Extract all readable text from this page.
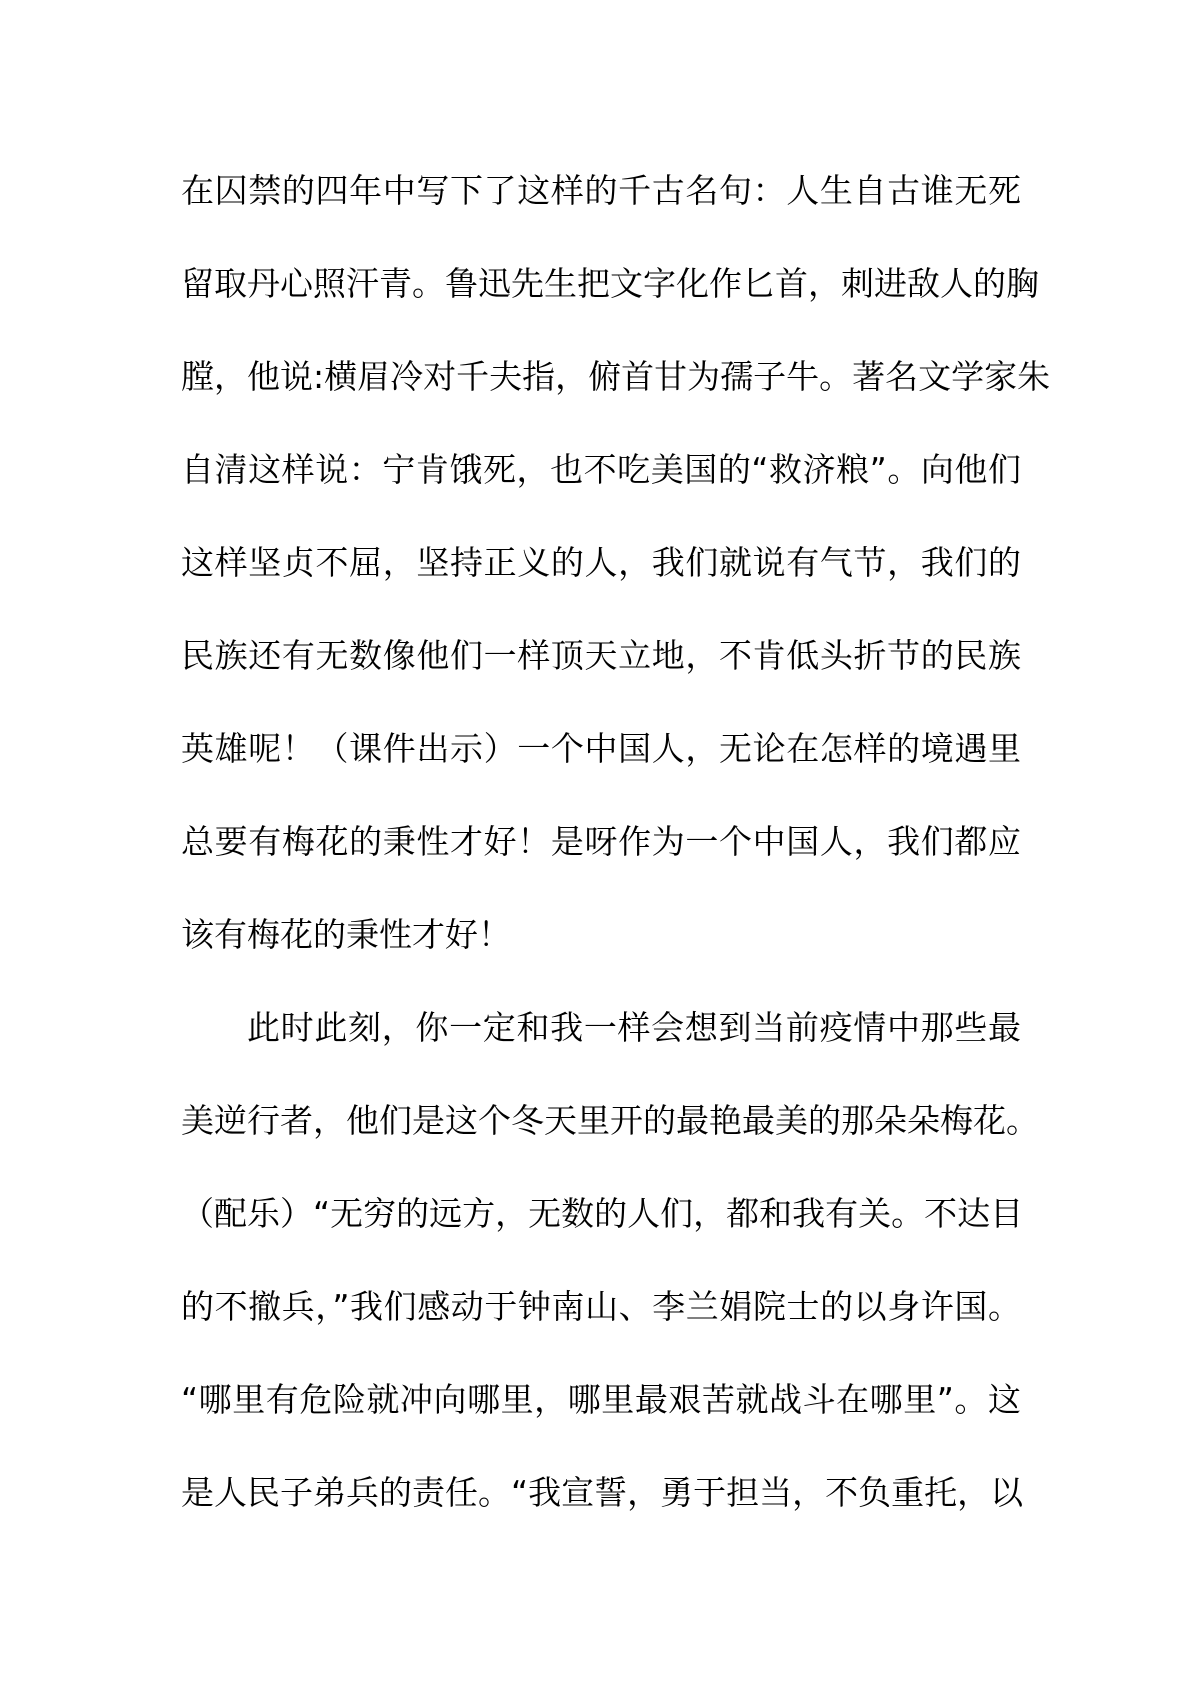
在囚禁的四年中写下了这样的千古名句：人生自古谁无死
留取丹心照汗青。鲁迅先生把文字化作匕首，刺进敌人的胸
膛，他说:横眉冷对千夫指，俯首甘为孺子牛。著名文学家朱
自清这样说：宁肯饿死，也不吃美国的“救济粮”。向他们
这样坚贞不屈，坚持正义的人，我们就说有气节，我们的
民族还有无数像他们一样顶天立地，不肯低头折节的民族
英雄呢！（课件出示）一个中国人，无论在怎样的境遇里
总要有梅花的秉性才好！是呀作为一个中国人，我们都应
该有梅花的秉性才好！
此时此刻，你一定和我一样会想到当前疫情中那些最
美逆行者，他们是这个冬天里开的最艳最美的那朵朵梅花。
（配乐）“无穷的远方，无数的人们，都和我有关。不达目
的不撤兵，”我们感动于钟南山、李兰娟院士的以身许国。
“哪里有危险就冲向哪里，哪里最艰苦就战斗在哪里”。这
是人民子弟兵的责任。“我宣誓，勇于担当，不负重托，以
